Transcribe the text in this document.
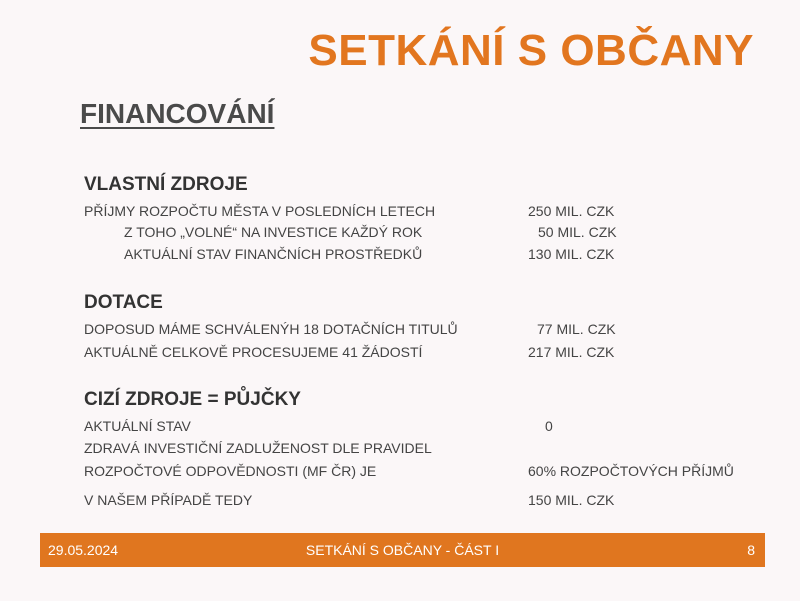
SETKÁNÍ S OBČANY
FINANCOVÁNÍ
VLASTNÍ ZDROJE
PŘÍJMY ROZPOČTU MĚSTA V POSLEDNÍCH LETECH	250 MIL. CZK
Z TOHO „VOLNÉ“ NA INVESTICE KAŽDÝ ROK	50 MIL. CZK
AKTUÁLNÍ STAV FINANČNÍCH PROSTŘEDKŮ	130 MIL. CZK
DOTACE
DOPOSUD MÁME SCHVÁLENÝH 18 DOTAČNÍCH TITULŮ	77 MIL. CZK
AKTUÁLNĚ CELKOVĚ PROCESUJEME 41 ŽÁDOSTÍ	217 MIL. CZK
CIZÍ ZDROJE = PŮJČKY
AKTUÁLNÍ STAV	0
ZDRAVÁ INVESTIČNÍ ZADLUŽENOST DLE PRAVIDEL
ROZPOČTOVÉ ODPOVĚDNOSTI (MF ČR) JE	60% ROZPOČTOVÝCH PŘÍJMŮ
V NAŠEM PŘÍPADĚ TEDY	150 MIL. CZK
29.05.2024	SETKÁNÍ S OBČANY - ČÁST I	8
